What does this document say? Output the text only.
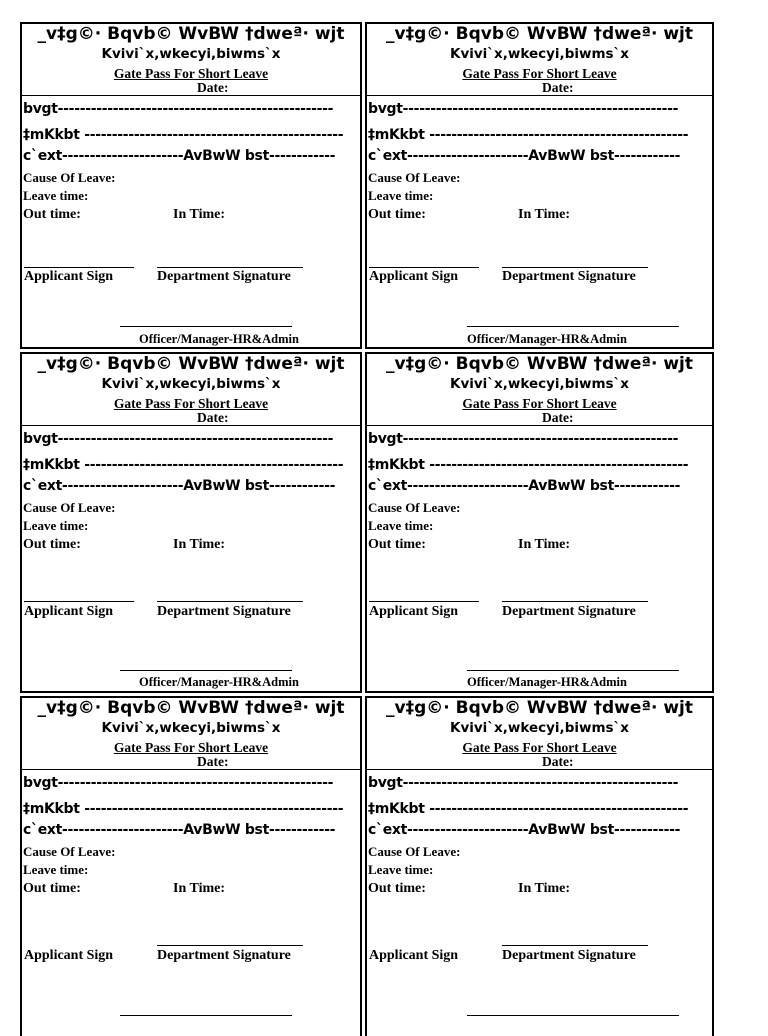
_v‡g©· Bqvb© WvBW †dweª· wjt
Kvivi`x,wkecyi,biwms`x
Gate Pass For Short Leave
Date:
bvgt--------------------------------------------------
‡mKkbt -----------------------------------------------
c`ext----------------------AvBwW bst------------
Cause Of Leave:
Leave time:
Out time:	In Time:
Applicant Sign	Department Signature
Officer/Manager-HR&Admin
_v‡g©· Bqvb© WvBW †dweª· wjt
Kvivi`x,wkecyi,biwms`x
Gate Pass For Short Leave
Date:
bvgt--------------------------------------------------
‡mKkbt -----------------------------------------------
c`ext----------------------AvBwW bst------------
Cause Of Leave:
Leave time:
Out time:	In Time:
Applicant Sign	Department Signature
Officer/Manager-HR&Admin
_v‡g©· Bqvb© WvBW †dweª· wjt
Kvivi`x,wkecyi,biwms`x
Gate Pass For Short Leave
Date:
bvgt--------------------------------------------------
‡mKkbt -----------------------------------------------
c`ext----------------------AvBwW bst------------
Cause Of Leave:
Leave time:
Out time:	In Time:
Applicant Sign	Department Signature
Officer/Manager-HR&Admin
_v‡g©· Bqvb© WvBW †dweª· wjt
Kvivi`x,wkecyi,biwms`x
Gate Pass For Short Leave
Date:
bvgt--------------------------------------------------
‡mKkbt -----------------------------------------------
c`ext----------------------AvBwW bst------------
Cause Of Leave:
Leave time:
Out time:	In Time:
Applicant Sign	Department Signature
Officer/Manager-HR&Admin
_v‡g©· Bqvb© WvBW †dweª· wjt
Kvivi`x,wkecyi,biwms`x
Gate Pass For Short Leave
Date:
bvgt--------------------------------------------------
‡mKkbt -----------------------------------------------
c`ext----------------------AvBwW bst------------
Cause Of Leave:
Leave time:
Out time:	In Time:
Applicant Sign	Department Signature
_v‡g©· Bqvb© WvBW †dweª· wjt
Kvivi`x,wkecyi,biwms`x
Gate Pass For Short Leave
Date:
bvgt--------------------------------------------------
‡mKkbt -----------------------------------------------
c`ext----------------------AvBwW bst------------
Cause Of Leave:
Leave time:
Out time:	In Time:
Applicant Sign	Department Signature
